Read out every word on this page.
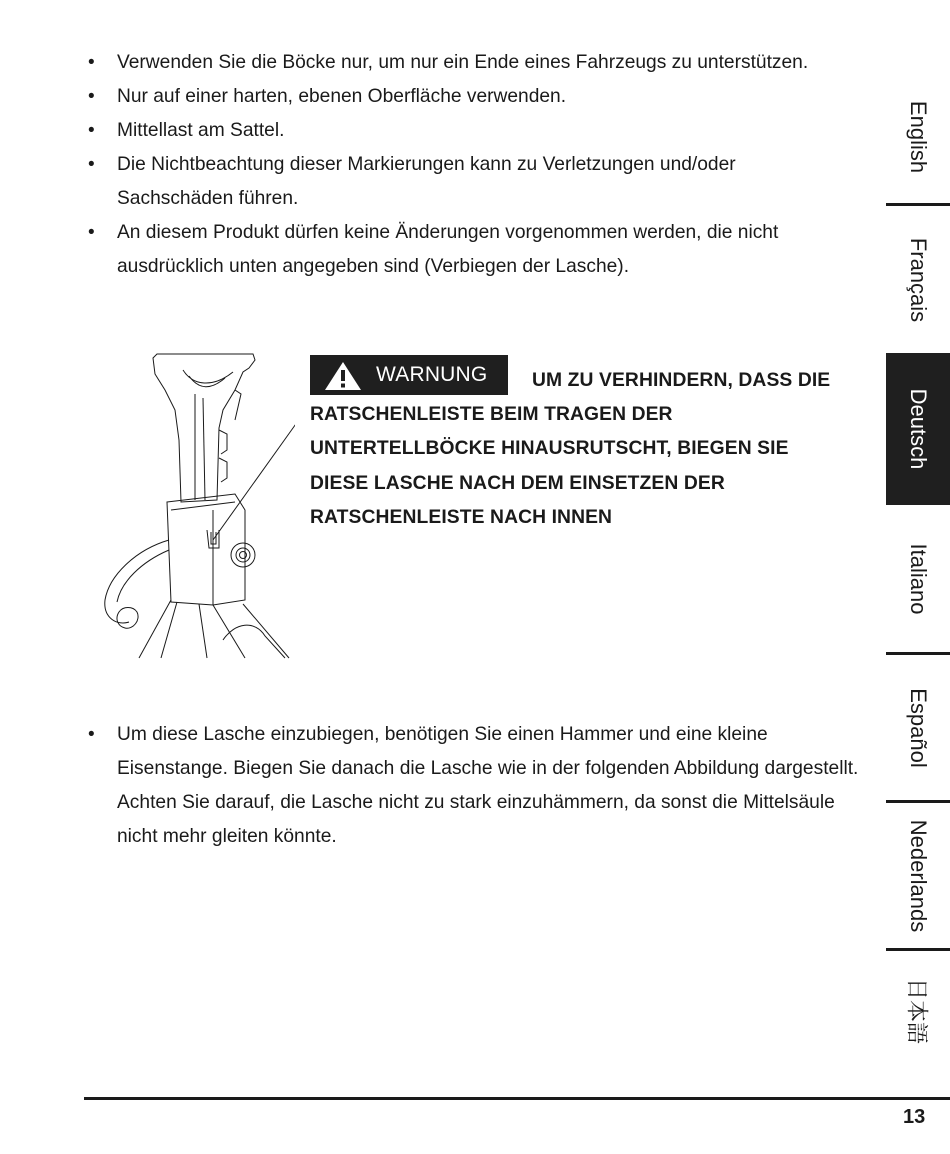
• Verwenden Sie die Böcke nur, um nur ein Ende eines Fahrzeugs zu unterstützen.
• Nur auf einer harten, ebenen Oberfläche verwenden.
• Mittellast am Sattel.
• Die Nichtbeachtung dieser Markierungen kann zu Verletzungen und/oder Sachschäden führen.
• An diesem Produkt dürfen keine Änderungen vorgenommen werden, die nicht ausdrücklich unten angegeben sind (Verbiegen der Lasche).
WARNUNG	UM ZU VERHINDERN, DASS DIE RATSCHENLEISTE BEIM TRAGEN DER UNTERTELLBÖCKE HINAUSRUTSCHT, BIEGEN SIE DIESE LASCHE NACH DEM EINSETZEN DER RATSCHENLEISTE NACH INNEN
• Um diese Lasche einzubiegen, benötigen Sie einen Hammer und eine kleine Eisenstange. Biegen Sie danach die Lasche wie in der folgenden Abbildung dargestellt. Achten Sie darauf, die Lasche nicht zu stark einzuhämmern, da sonst die Mittelsäule nicht mehr gleiten könnte.
English
Français
Deutsch
Italiano
Español
Nederlands
日本語
13
